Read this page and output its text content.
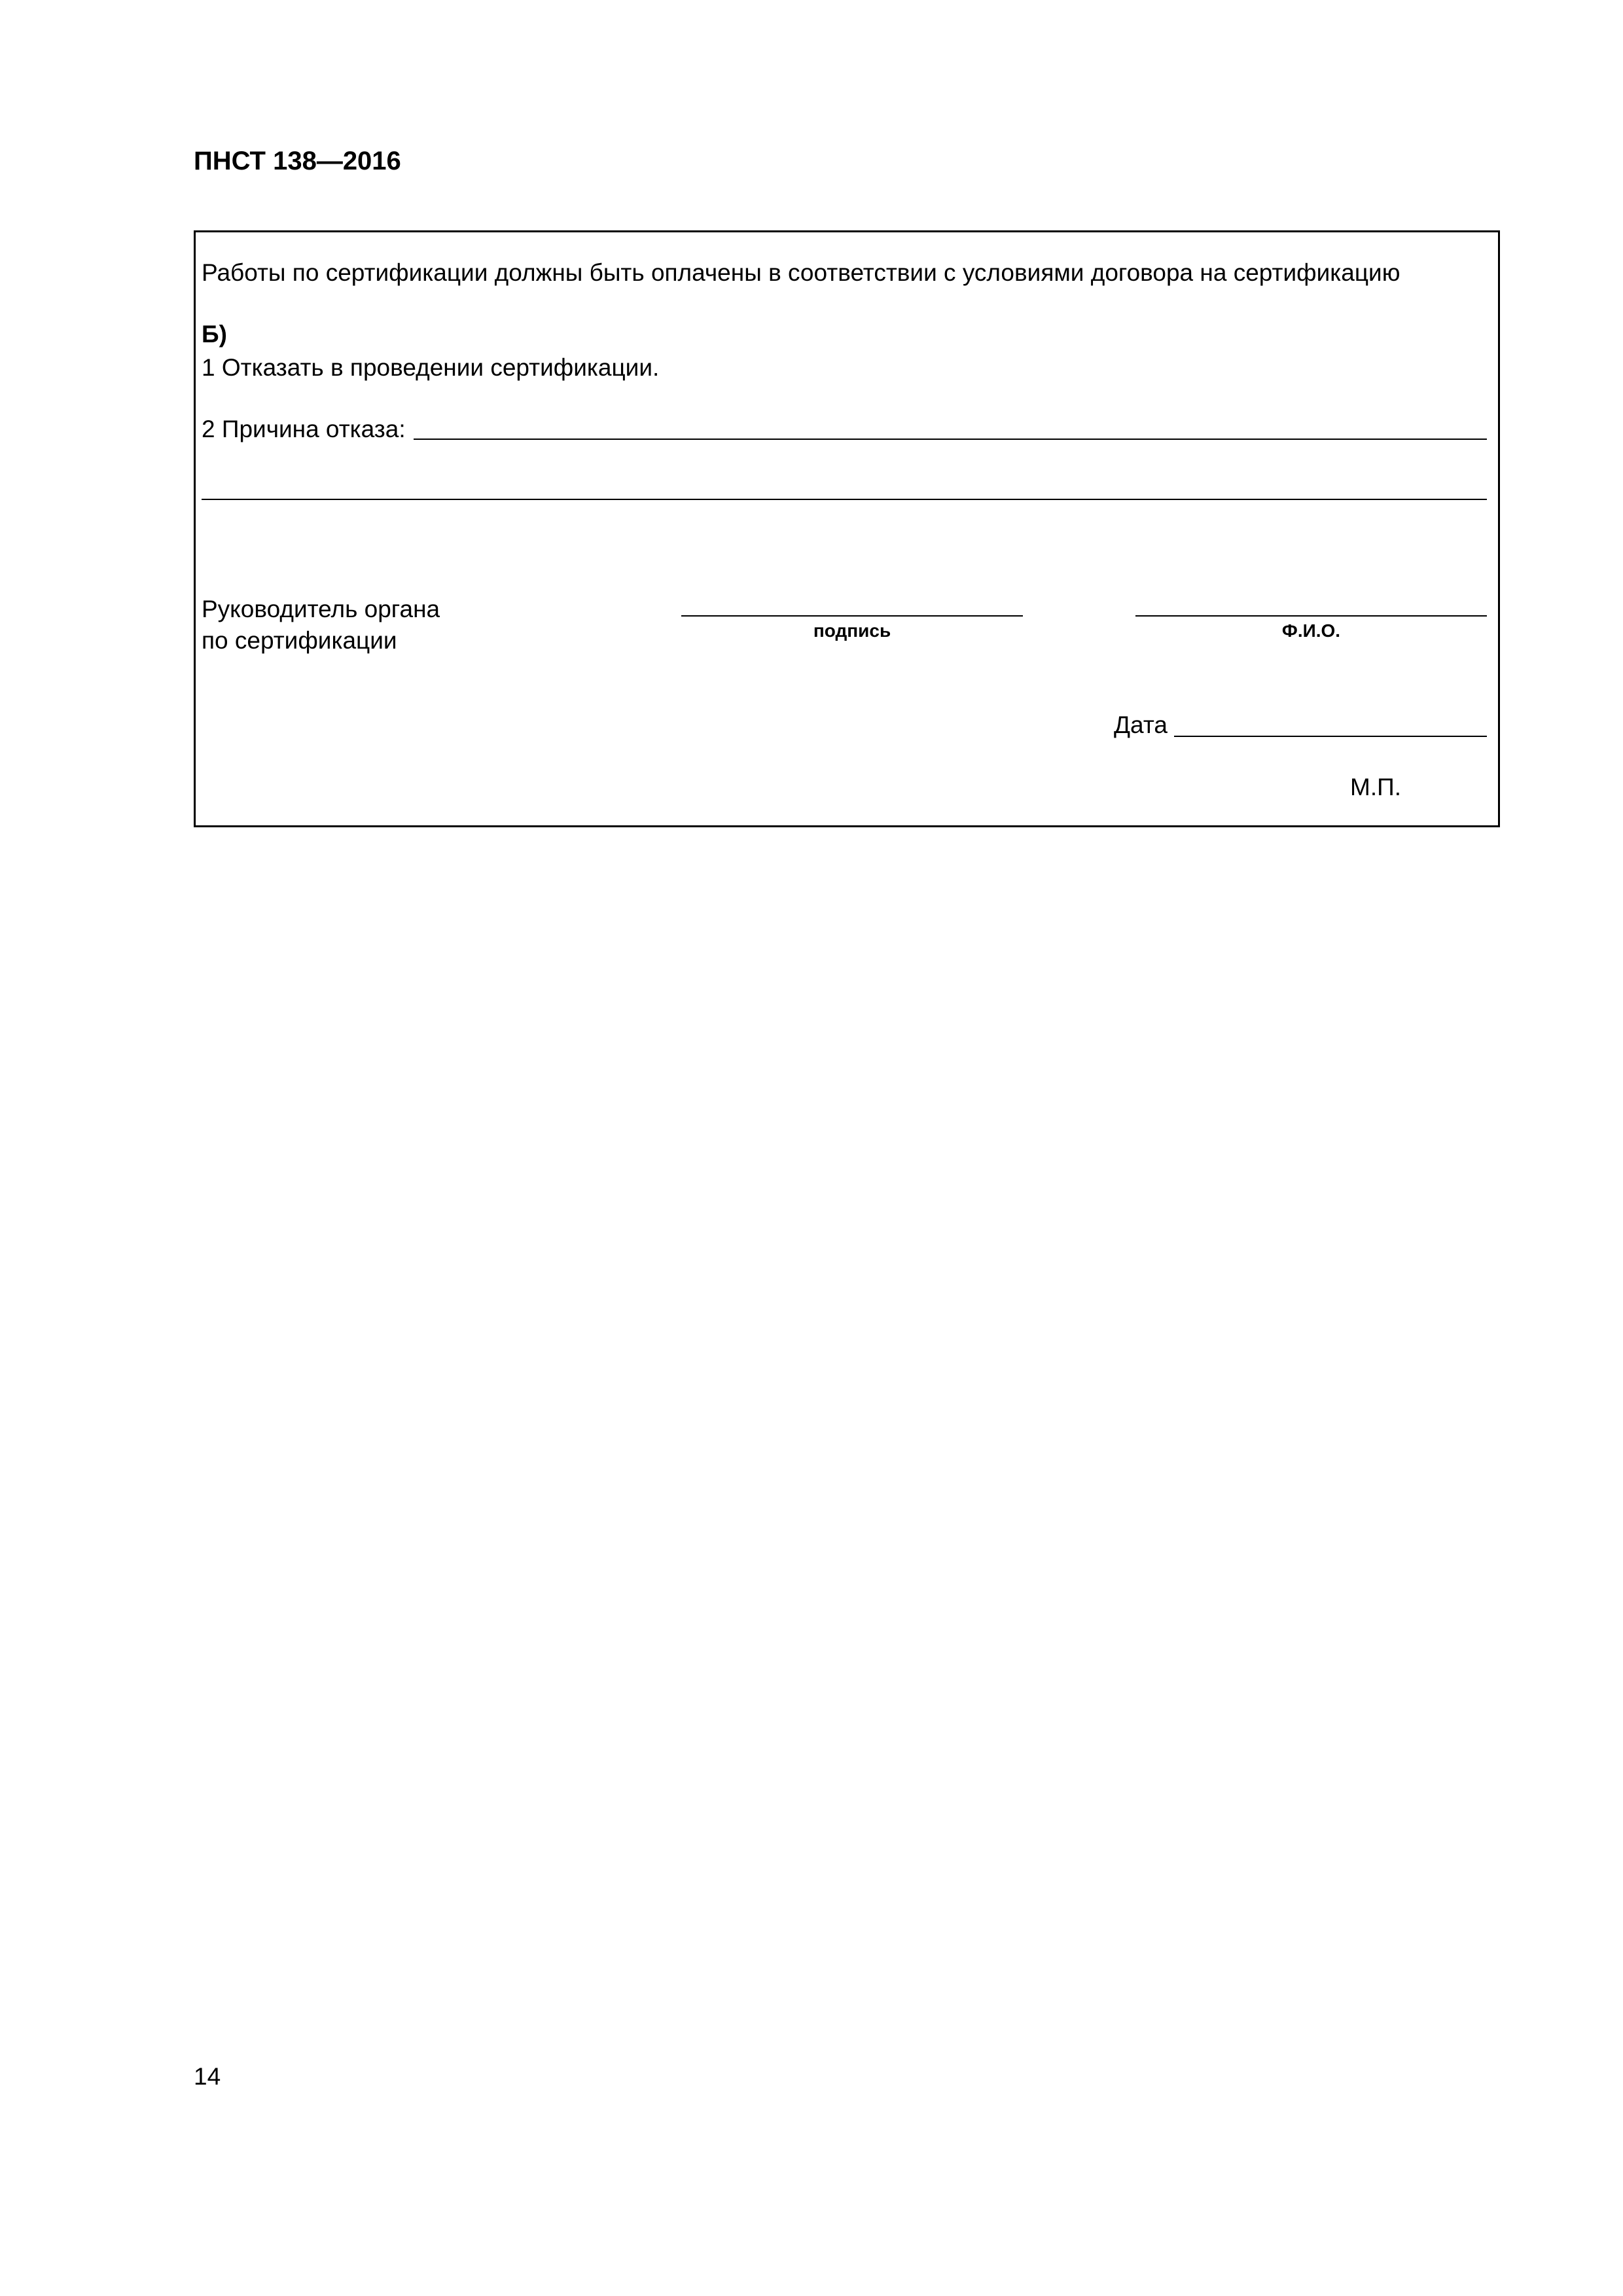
ПНСТ 138—2016
Работы по сертификации должны быть оплачены в соответствии с условиями договора на сертификацию
Б)
1 Отказать в проведении сертификации.
2 Причина отказа:
Руководитель органа
по сертификации	подпись	Ф.И.О.
Дата
М.П.
14
